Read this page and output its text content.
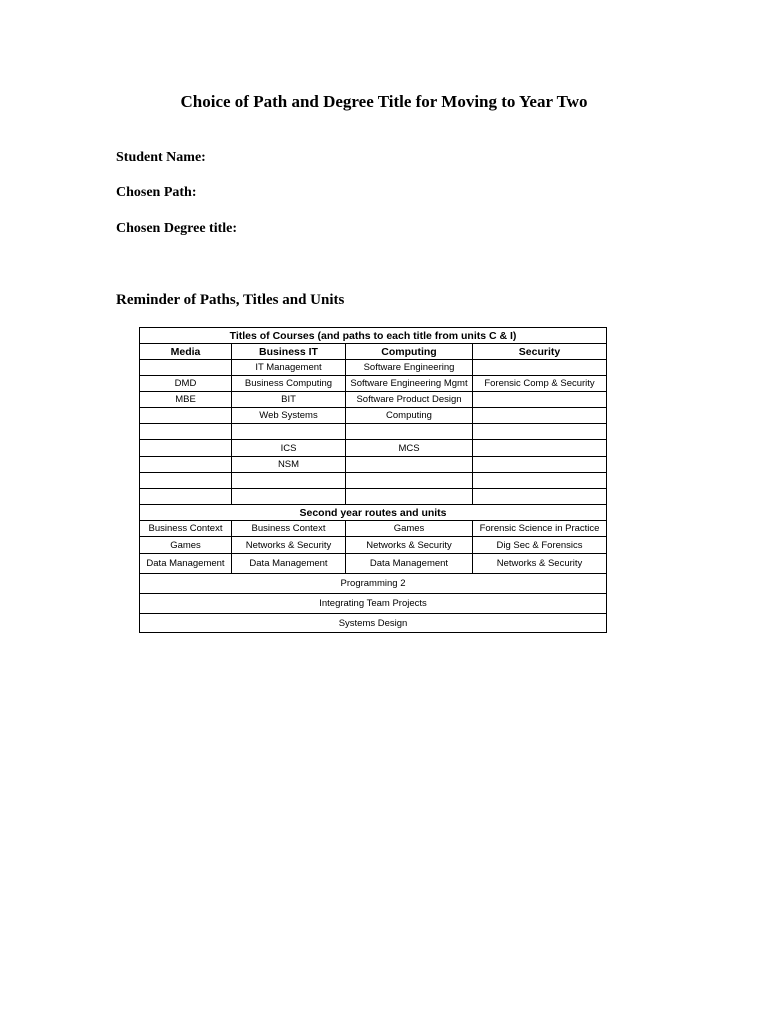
Choice of Path and Degree Title for Moving to Year Two
Student Name:
Chosen Path:
Chosen Degree title:
Reminder of Paths, Titles and Units
Titles of Courses (and paths to each title from units C & I)			
Media	Business IT	Computing	Security
	IT Management	Software Engineering	
DMD	Business Computing	Software Engineering Mgmt	Forensic Comp & Security
MBE	BIT	Software Product Design	
	Web Systems	Computing	

	ICS	MCS	
	NSM		

Second year routes and units			
Business Context	Business Context	Games	Forensic Science in Practice
Games	Networks & Security	Networks & Security	Dig Sec & Forensics
Data Management	Data Management	Data Management	Networks & Security
Programming 2			
Integrating Team Projects			
Systems Design			
